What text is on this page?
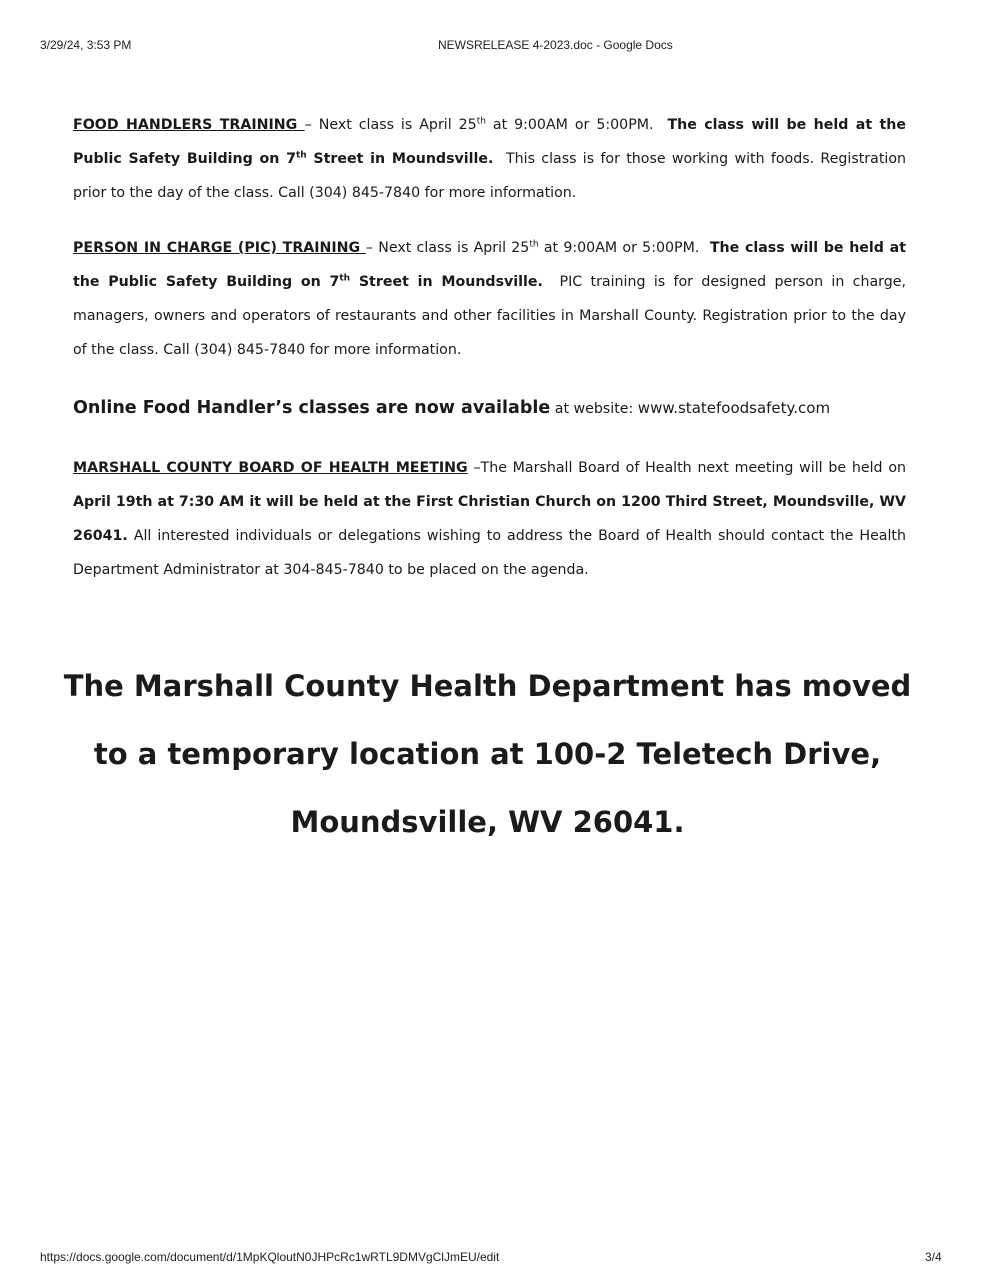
3/29/24, 3:53 PM	NEWSRELEASE 4-2023.doc - Google Docs
FOOD HANDLERS TRAINING – Next class is April 25th at 9:00AM or 5:00PM. The class will be held at the Public Safety Building on 7th Street in Moundsville. This class is for those working with foods. Registration prior to the day of the class. Call (304) 845-7840 for more information.
PERSON IN CHARGE (PIC) TRAINING – Next class is April 25th at 9:00AM or 5:00PM. The class will be held at the Public Safety Building on 7th Street in Moundsville. PIC training is for designed person in charge, managers, owners and operators of restaurants and other facilities in Marshall County. Registration prior to the day of the class. Call (304) 845-7840 for more information.
Online Food Handler’s classes are now available at website: www.statefoodsafety.com
MARSHALL COUNTY BOARD OF HEALTH MEETING –The Marshall Board of Health next meeting will be held on April 19th at 7:30 AM it will be held at the First Christian Church on 1200 Third Street, Moundsville, WV 26041. All interested individuals or delegations wishing to address the Board of Health should contact the Health Department Administrator at 304-845-7840 to be placed on the agenda.
The Marshall County Health Department has moved
to a temporary location at 100-2 Teletech Drive,
Moundsville, WV 26041.
https://docs.google.com/document/d/1MpKQloutN0JHPcRc1wRTL9DMVgClJmEU/edit	3/4
